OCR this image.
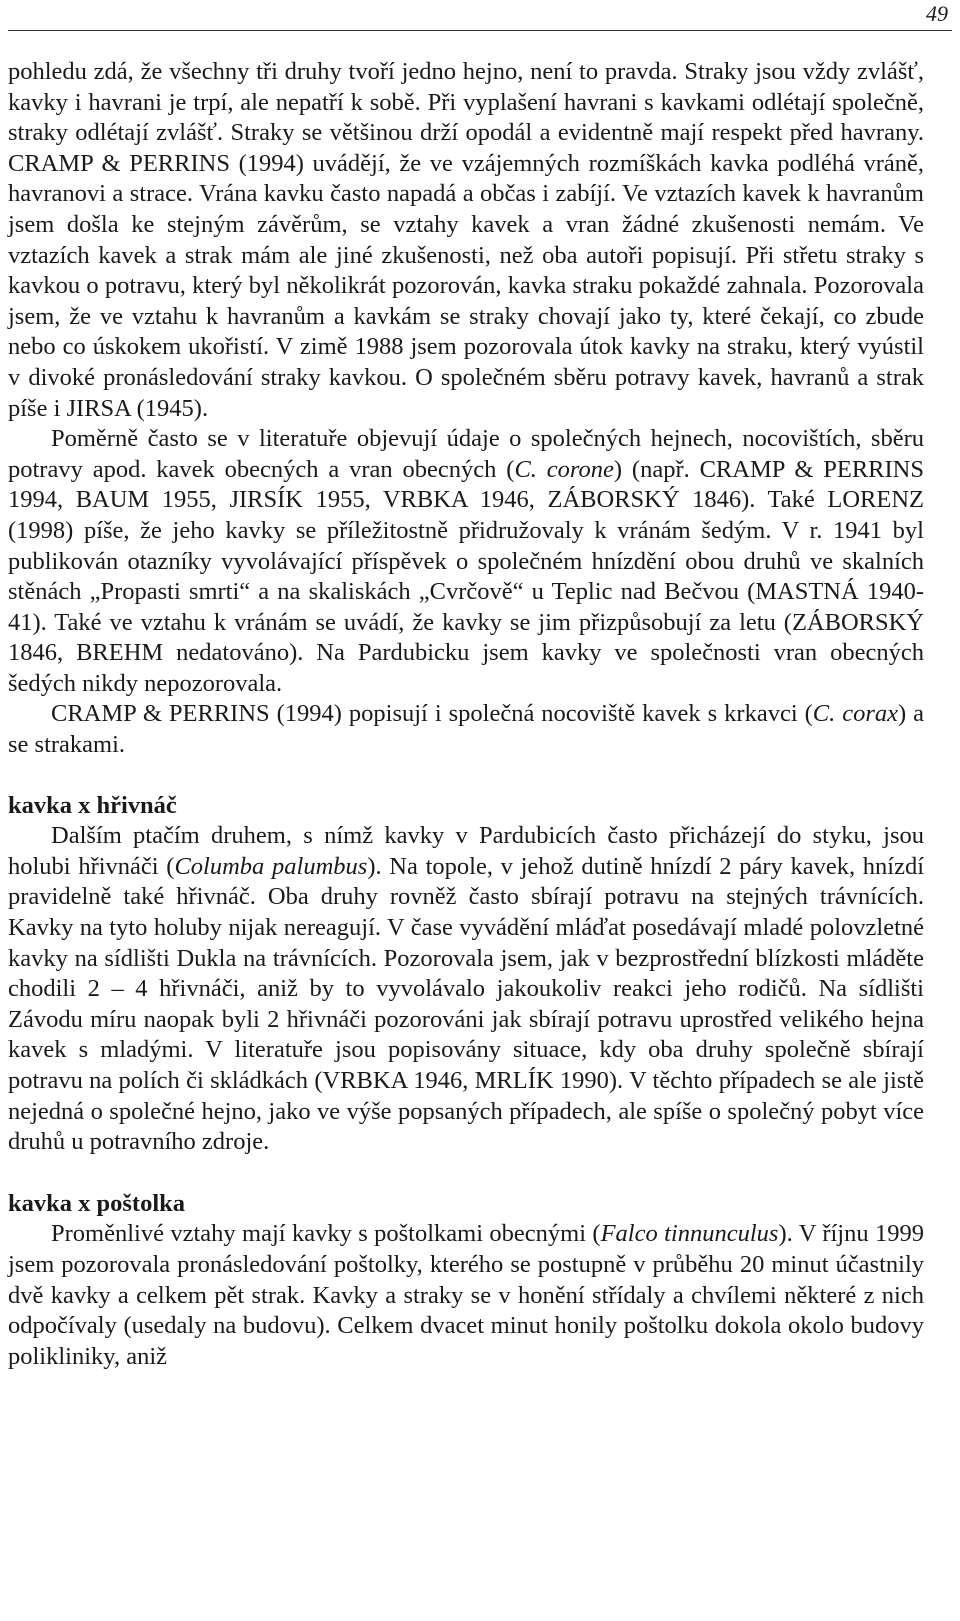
49

pohledu zdá, že všechny tři druhy tvoří jedno hejno, není to pravda. Straky jsou vždy zvlášť, kavky i havrani je trpí, ale nepatří k sobě. Při vyplašení havrani s kavkami odlétají společně, straky odlétají zvlášť. Straky se většinou drží opodál a evidentně mají respekt před havrany. CRAMP & PERRINS (1994) uvádějí, že ve vzájemných rozmíškách kavka podléhá vráně, havranovi a strace. Vrána kavku často napadá a občas i zabíjí. Ve vztazích kavek k havranům jsem došla ke stejným závěrům, se vztahy kavek a vran žádné zkušenosti nemám. Ve vztazích kavek a strak mám ale jiné zkušenosti, než oba autoři popisují. Při střetu straky s kavkou o potravu, který byl několikrát pozorován, kavka straku pokaždé zahnala. Pozorovala jsem, že ve vztahu k havranům a kavkám se straky chovají jako ty, které čekají, co zbude nebo co úskokem ukořistí. V zimě 1988 jsem pozorovala útok kavky na straku, který vyústil v divoké pronásledování straky kavkou. O společném sběru potravy kavek, havranů a strak píše i JIRSA (1945).

Poměrně často se v literatuře objevují údaje o společných hejnech, nocovištích, sběru potravy apod. kavek obecných a vran obecných (C. corone) (např. CRAMP & PERRINS 1994, BAUM 1955, JIRSÍK 1955, VRBKA 1946, ZÁBORSKÝ 1846). Také LORENZ (1998) píše, že jeho kavky se příležitostně přidružovaly k vránám šedým. V r. 1941 byl publikován otazníky vyvolávající příspěvek o společném hnízdění obou druhů ve skalních stěnách „Propasti smrti“ a na skaliskách „Cvrčově“ u Teplic nad Bečvou (MASTNÁ 1940-41). Také ve vztahu k vránám se uvádí, že kavky se jim přizpůsobují za letu (ZÁBORSKÝ 1846, BREHM nedatováno). Na Pardubicku jsem kavky ve společnosti vran obecných šedých nikdy nepozorovala.

CRAMP & PERRINS (1994) popisují i společná nocoviště kavek s krkavci (C. corax) a se strakami.

kavka x hřivnáč

Dalším ptačím druhem, s nímž kavky v Pardubicích často přicházejí do styku, jsou holubi hřivnáči (Columba palumbus). Na topole, v jehož dutině hnízdí 2 páry kavek, hnízdí pravidelně také hřivnáč. Oba druhy rovněž často sbírají potravu na stejných trávnících. Kavky na tyto holuby nijak nereagují. V čase vyvádění mláďat posedávají mladé polovzletné kavky na sídlišti Dukla na trávnících. Pozorovala jsem, jak v bezprostřední blízkosti mláděte chodili 2 – 4 hřivnáči, aniž by to vyvolávalo jakoukoliv reakci jeho rodičů. Na sídlišti Závodu míru naopak byli 2 hřivnáči pozorováni jak sbírají potravu uprostřed velikého hejna kavek s mladými. V literatuře jsou popisovány situace, kdy oba druhy společně sbírají potravu na polích či skládkách (VRBKA 1946, MRLÍK 1990). V těchto případech se ale jistě nejedná o společné hejno, jako ve výše popsaných případech, ale spíše o společný pobyt více druhů u potravního zdroje.

kavka x poštolka

Proměnlivé vztahy mají kavky s poštolkami obecnými (Falco tinnunculus). V říjnu 1999 jsem pozorovala pronásledování poštolky, kterého se postupně v průběhu 20 minut účastnily dvě kavky a celkem pět strak. Kavky a straky se v honění střídaly a chvílemi některé z nich odpočívaly (usedaly na budovu). Celkem dvacet minut honily poštolku dokola okolo budovy polikliniky, aniž
